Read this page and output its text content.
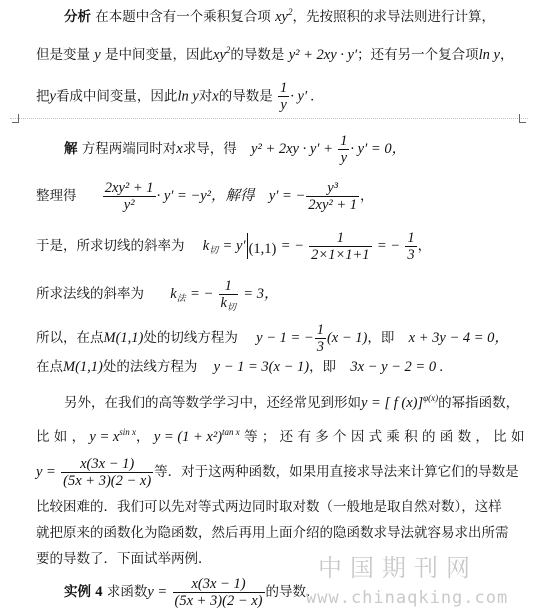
分析 在本题中含有一个乘积复合项 $xy^2$，先按照积的求导法则进行计算，
但是变量 y 是中间变量，因此$xy^2$的导数是 y² + 2xy · y′；还有另一个复合项ln y，
把y看成中间变量，因此ln y对x的导数是 $\frac{1}{y} \cdot y'$ .
解 方程两端同时对x求导，得 $y^2 + 2xy \cdot y' + \frac{1}{y} \cdot y' = 0$，
整理得 $\frac{\text{2xy² + 1}}{\text{y²}} \cdot y' = -y^2$，解得 y′ = − $\frac{\text{y³}}{\text{2xy² + 1}}$ ，
于是，所求切线的斜率为 $k_切 = y'$ $_{(1,1)}$ = − $\frac{1}{2\times 1\times 1+1}$ = − $\frac{1}{3}$ ，
所求法线的斜率为 $k_法$ = − $\frac{1}{k_切} = 3$，
所以，在点M(1,1)处的切线方程为 y − 1 = − $\frac{1}{3} (x - 1)$，即 x + 3y − 4 = 0，
在点M(1,1)处的法线方程为 y − 1 = 3(x − 1)，即 3x − y − 2 = 0 .
另外，在我们的高等数学学习中，还经常见到形如y = [ f (x)]$^{\varphi(x)}$的幂指函数，
比 如 ， $y = x^{sin x}$， $y = (1 + x^2)^{tan x}$ 等 ； 还 有 多 个 因 式 乘 积 的 函 数 ， 比 如
$y = \frac{x(3x - 1)}{(5x + 3)(2 - x)}$ 等．对于这两种函数，如果用直接求导法来计算它们的导数是
比较困难的．我们可以先对等式两边同时取对数（一般地是取自然对数），这样
就把原来的函数化为隐函数，然后再用上面介绍的隐函数求导法就容易求出所需
要的导数了．下面试举两例．
实例 4 求函数$y = \frac{x(3x - 1)}{(5x + 3)(2 - x)}$ 的导数.
中国期刊网
www.chinaqking.com
